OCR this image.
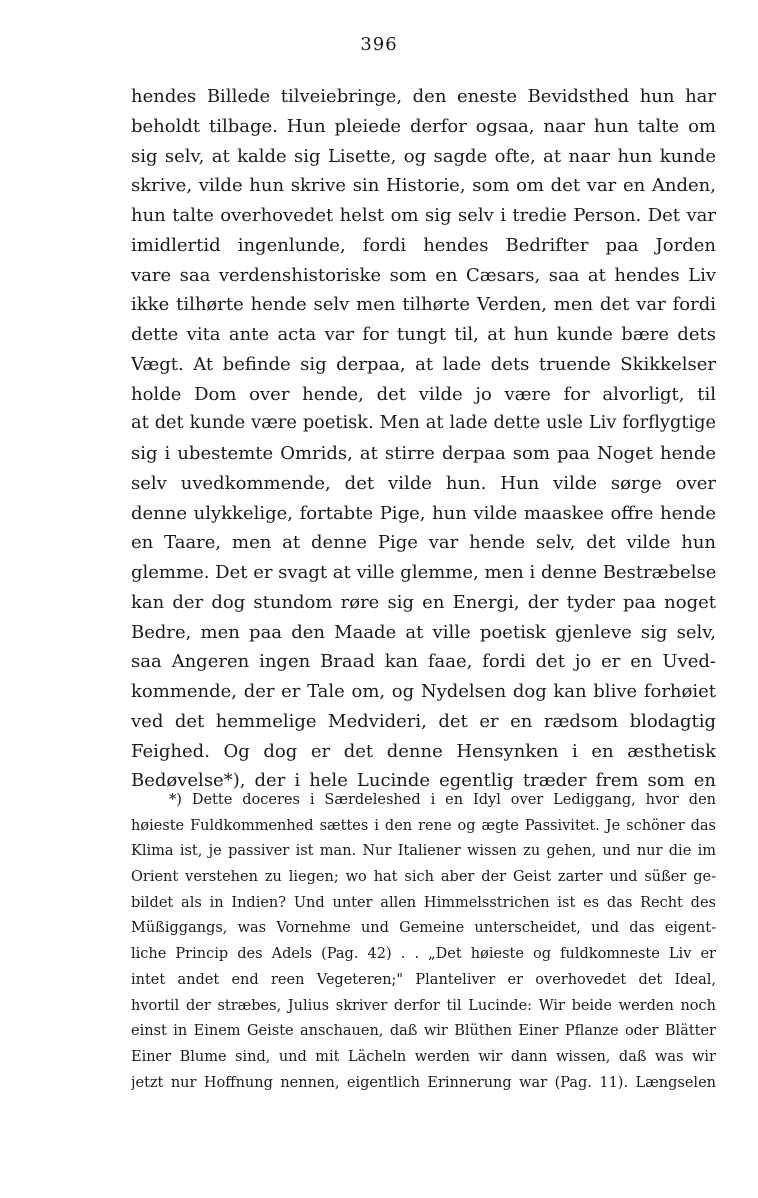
396
hendes Billede tilveiebringe, den eneste Bevidsthed hun har
beholdt tilbage. Hun pleiede derfor ogsaa, naar hun talte om
sig selv, at kalde sig Lisette, og sagde ofte, at naar hun kunde
skrive, vilde hun skrive sin Historie, som om det var en Anden,
hun talte overhovedet helst om sig selv i tredie Person. Det var
imidlertid ingenlunde, fordi hendes Bedrifter paa Jorden
vare saa verdenshistoriske som en Cæsars, saa at hendes Liv
ikke tilhørte hende selv men tilhørte Verden, men det var fordi
dette vita ante acta var for tungt til, at hun kunde bære dets
Vægt. At befinde sig derpaa, at lade dets truende Skikkelser
holde Dom over hende, det vilde jo være for alvorligt, til
at det kunde være poetisk. Men at lade dette usle Liv forflygtige
sig i ubestemte Omrids, at stirre derpaa som paa Noget hende
selv uvedkommende, det vilde hun. Hun vilde sørge over
denne ulykkelige, fortabte Pige, hun vilde maaskee offre hende
en Taare, men at denne Pige var hende selv, det vilde hun
glemme. Det er svagt at ville glemme, men i denne Bestræbelse
kan der dog stundom røre sig en Energi, der tyder paa noget
Bedre, men paa den Maade at ville poetisk gjenleve sig selv,
saa Angeren ingen Braad kan faae, fordi det jo er en Uved-
kommende, der er Tale om, og Nydelsen dog kan blive forhøiet
ved det hemmelige Medvideri, det er en rædsom blodagtig
Feighed. Og dog er det denne Hensynken i en æsthetisk
Bedøvelse*), der i hele Lucinde egentlig træder frem som en
*) Dette doceres i Særdeleshed i en Idyl over Lediggang, hvor den
høieste Fuldkommenhed sættes i den rene og ægte Passivitet. Je schöner das
Klima ist, je passiver ist man. Nur Italiener wissen zu gehen, und nur die im
Orient verstehen zu liegen; wo hat sich aber der Geist zarter und süßer ge-
bildet als in Indien? Und unter allen Himmelsstrichen ist es das Recht des
Müßiggangs, was Vornehme und Gemeine unterscheidet, und das eigent-
liche Princip des Adels (Pag. 42) . . „Det høieste og fuldkomneste Liv er
intet andet end reen Vegeteren;" Planteliver er overhovedet det Ideal,
hvortil der stræbes, Julius skriver derfor til Lucinde: Wir beide werden noch
einst in Einem Geiste anschauen, daß wir Blüthen Einer Pflanze oder Blätter
Einer Blume sind, und mit Lächeln werden wir dann wissen, daß was wir
jetzt nur Hoffnung nennen, eigentlich Erinnerung war (Pag. 11). Længselen
